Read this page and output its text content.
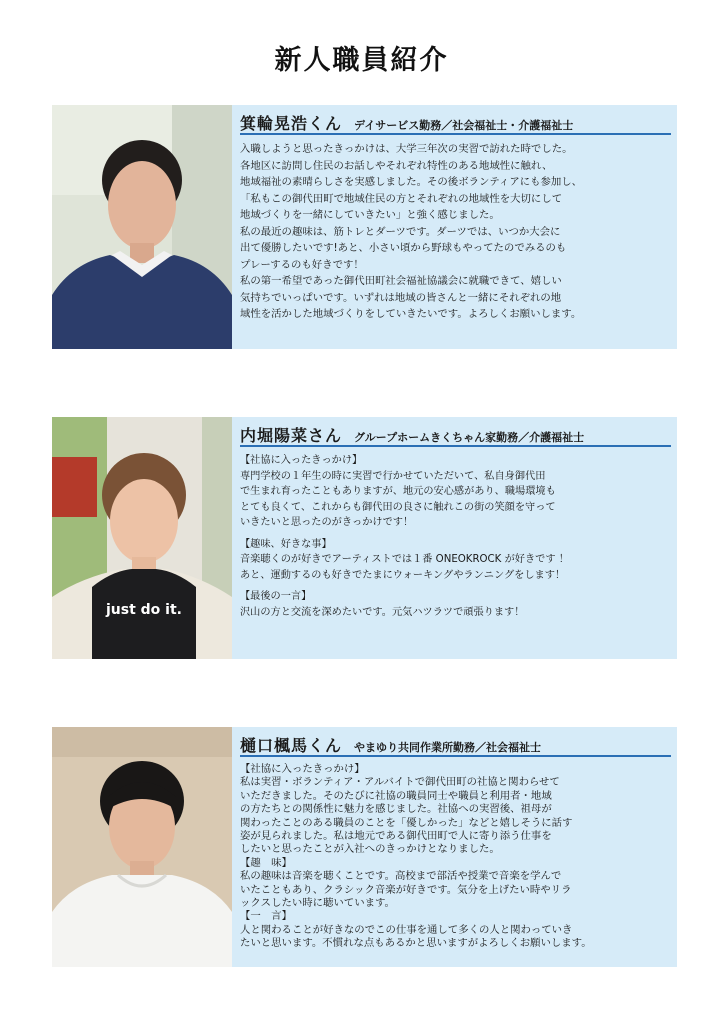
新人職員紹介
箕輪晃浩くん デイサービス勤務／社会福祉士・介護福祉士

入職しようと思ったきっかけは、大学三年次の実習で訪れた時でした。

各地区に訪問し住民のお話しやそれぞれ特性のある地域性に触れ、

地域福祉の素晴らしさを実感しました。その後ボランティアにも参加し、

「私もこの御代田町で地域住民の方とそれぞれの地域性を大切にして

地域づくりを一緒にしていきたい」と強く感じました。

私の最近の趣味は、筋トレとダーツです。ダーツでは、いつか大会に

出て優勝したいです!あと、小さい頃から野球もやってたのでみるのも

プレーするのも好きです！

私の第一希望であった御代田町社会福祉協議会に就職できて、嬉しい

気持ちでいっぱいです。いずれは地域の皆さんと一緒にそれぞれの地

域性を活かした地域づくりをしていきたいです。よろしくお願いします。

just do it.
内堀陽菜さん グループホームきくちゃん家勤務／介護福祉士

【社協に入ったきっかけ】

専門学校の１年生の時に実習で行かせていただいて、私自身御代田

で生まれ育ったこともありますが、地元の安心感があり、職場環境も

とても良くて、これからも御代田の良さに触れこの街の笑顔を守って

いきたいと思ったのがきっかけです！

【趣味、好きな事】

音楽聴くのが好きでアーティストでは１番 ONEOKROCK が好きです ！

あと、運動するのも好きでたまにウォーキングやランニングをします！

【最後の一言】

沢山の方と交流を深めたいです。元気ハツラツで頑張ります！

樋口楓馬くん やまゆり共同作業所勤務／社会福祉士

【社協に入ったきっかけ】

私は実習・ボランティア・アルバイトで御代田町の社協と関わらせて

いただきました。そのたびに社協の職員同士や職員と利用者・地域

の方たちとの関係性に魅力を感じました。社協への実習後、祖母が

関わったことのある職員のことを「優しかった」などと嬉しそうに話す

姿が見られました。私は地元である御代田町で人に寄り添う仕事を

したいと思ったことが入社へのきっかけとなりました。

【趣　味】

私の趣味は音楽を聴くことです。高校まで部活や授業で音楽を学んで

いたこともあり、クラシック音楽が好きです。気分を上げたい時やリラ

ックスしたい時に聴いています。

【一　言】

人と関わることが好きなのでこの仕事を通して多くの人と関わっていき

たいと思います。不慣れな点もあるかと思いますがよろしくお願いします。
